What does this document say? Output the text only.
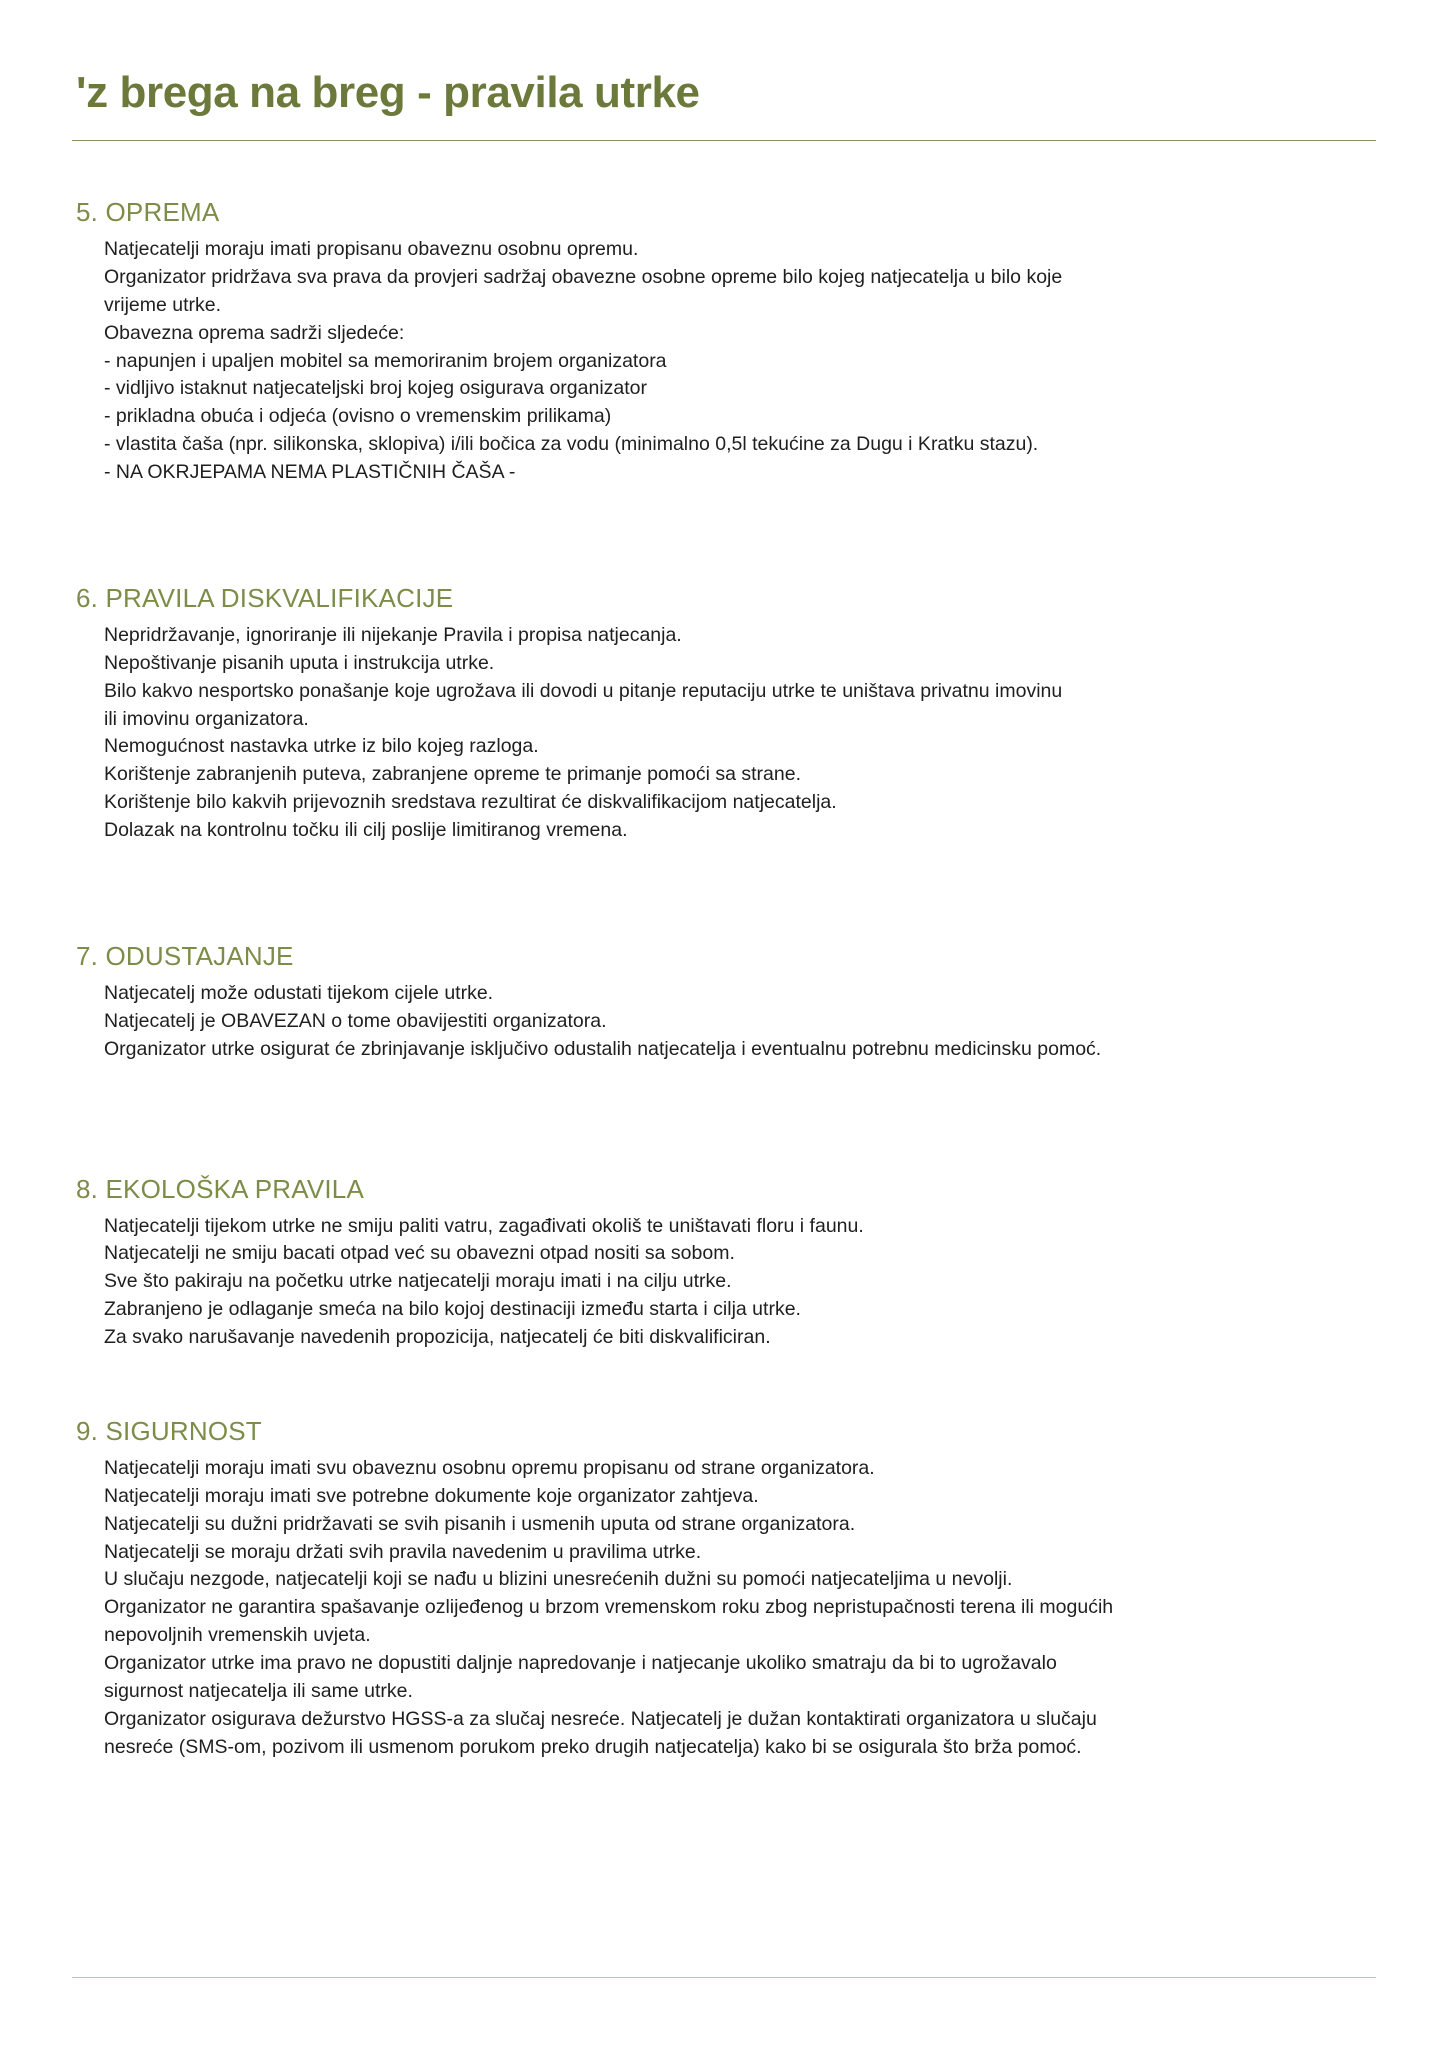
'z brega na breg - pravila utrke
5. OPREMA

Natjecatelji moraju imati propisanu obaveznu osobnu opremu.

Organizator pridržava sva prava da provjeri sadržaj obavezne osobne opreme bilo kojeg natjecatelja u bilo koje

vrijeme utrke.

Obavezna oprema sadrži sljedeće:

- napunjen i upaljen mobitel sa memoriranim brojem organizatora

- vidljivo istaknut natjecateljski broj kojeg osigurava organizator

- prikladna obuća i odjeća (ovisno o vremenskim prilikama)

- vlastita čaša (npr. silikonska, sklopiva) i/ili bočica za vodu (minimalno 0,5l tekućine za Dugu i Kratku stazu).

- NA OKRJEPAMA NEMA PLASTIČNIH ČAŠA -

6. PRAVILA DISKVALIFIKACIJE

Nepridržavanje, ignoriranje ili nijekanje Pravila i propisa natjecanja.

Nepoštivanje pisanih uputa i instrukcija utrke.

Bilo kakvo nesportsko ponašanje koje ugrožava ili dovodi u pitanje reputaciju utrke te uništava privatnu imovinu

ili imovinu organizatora.

Nemogućnost nastavka utrke iz bilo kojeg razloga.

Korištenje zabranjenih puteva, zabranjene opreme te primanje pomoći sa strane.

Korištenje bilo kakvih prijevoznih sredstava rezultirat će diskvalifikacijom natjecatelja.

Dolazak na kontrolnu točku ili cilj poslije limitiranog vremena.

7. ODUSTAJANJE

Natjecatelj može odustati tijekom cijele utrke.

Natjecatelj je OBAVEZAN o tome obavijestiti organizatora.

Organizator utrke osigurat će zbrinjavanje isključivo odustalih natjecatelja i eventualnu potrebnu medicinsku pomoć.

8. EKOLOŠKA PRAVILA

Natjecatelji tijekom utrke ne smiju paliti vatru, zagađivati okoliš te uništavati floru i faunu.

Natjecatelji ne smiju bacati otpad već su obavezni otpad nositi sa sobom.

Sve što pakiraju na početku utrke natjecatelji moraju imati i na cilju utrke.

Zabranjeno je odlaganje smeća na bilo kojoj destinaciji između starta i cilja utrke.

Za svako narušavanje navedenih propozicija, natjecatelj će biti diskvalificiran.

9. SIGURNOST

Natjecatelji moraju imati svu obaveznu osobnu opremu propisanu od strane organizatora.

Natjecatelji moraju imati sve potrebne dokumente koje organizator zahtjeva.

Natjecatelji su dužni pridržavati se svih pisanih i usmenih uputa od strane organizatora.

Natjecatelji se moraju držati svih pravila navedenim u pravilima utrke.

U slučaju nezgode, natjecatelji koji se nađu u blizini unesrećenih dužni su pomoći natjecateljima u nevolji.

Organizator ne garantira spašavanje ozlijeđenog u brzom vremenskom roku zbog nepristupačnosti terena ili mogućih

nepovoljnih vremenskih uvjeta.

Organizator utrke ima pravo ne dopustiti daljnje napredovanje i natjecanje ukoliko smatraju da bi to ugrožavalo

sigurnost natjecatelja ili same utrke.

Organizator osigurava dežurstvo HGSS-a za slučaj nesreće. Natjecatelj je dužan kontaktirati organizatora u slučaju

nesreće (SMS-om, pozivom ili usmenom porukom preko drugih natjecatelja) kako bi se osigurala što brža pomoć.
